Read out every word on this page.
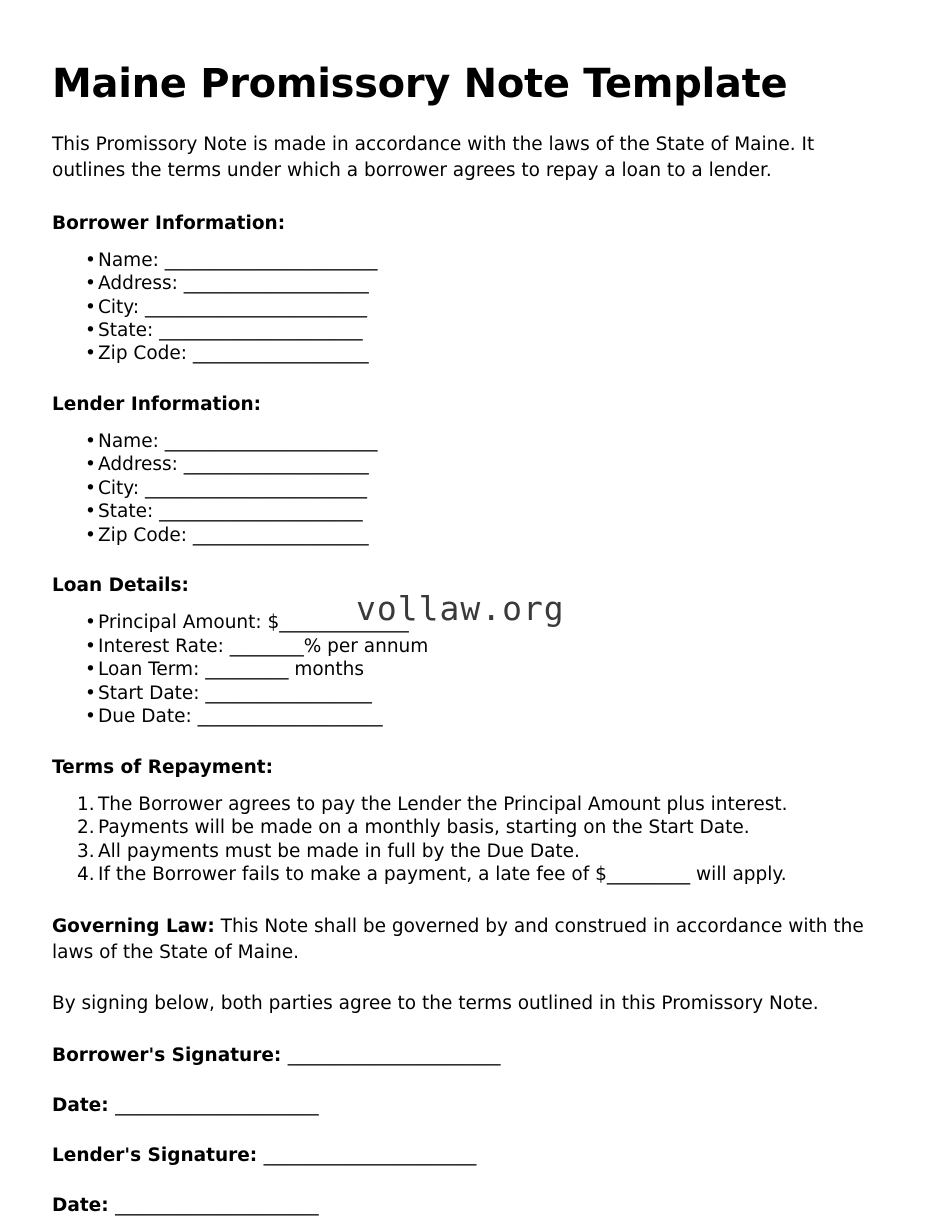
Maine Promissory Note Template

This Promissory Note is made in accordance with the laws of the State of Maine. It outlines the terms under which a borrower agrees to repay a loan to a lender.

Borrower Information:
• Name: _______________________
• Address: ____________________
• City: ________________________
• State: ______________________
• Zip Code: ___________________
Lender Information:
• Name: _______________________
• Address: ____________________
• City: ________________________
• State: ______________________
• Zip Code: ___________________
Loan Details:
• Principal Amount: $______________
• Interest Rate: ________% per annum
• Loan Term: _________ months
• Start Date: __________________
• Due Date: ____________________
Terms of Repayment:
The Borrower agrees to pay the Lender the Principal Amount plus interest.
Payments will be made on a monthly basis, starting on the Start Date.
All payments must be made in full by the Due Date.
If the Borrower fails to make a payment, a late fee of $_________ will apply.

Governing Law: This Note shall be governed by and construed in accordance with the laws of the State of Maine.

By signing below, both parties agree to the terms outlined in this Promissory Note.

Borrower's Signature: _______________________

Date: ______________________

Lender's Signature: _______________________

Date: ______________________

vollaw.org
